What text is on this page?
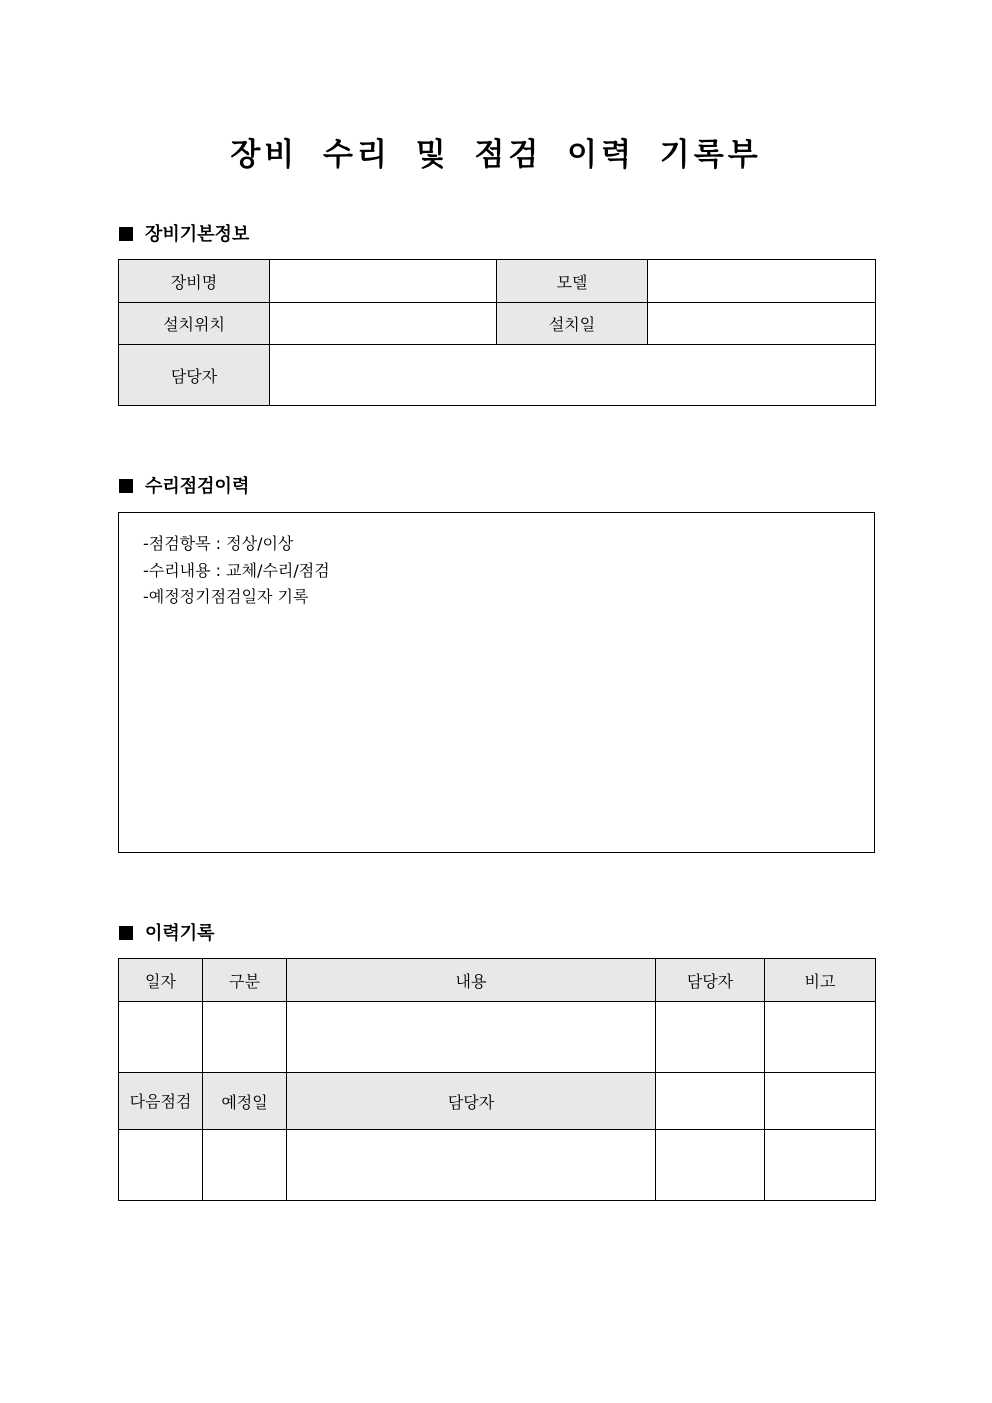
장비 수리 및 점검 이력 기록부
장비기본정보
장비명		모델	
설치위치		설치일	
담당자			
수리점검이력
-점검항목 : 정상/이상
-수리내용 : 교체/수리/점검
-예정정기점검일자 기록
이력기록
일자	구분	내용	담당자	비고

다음점검	예정일	담당자		
